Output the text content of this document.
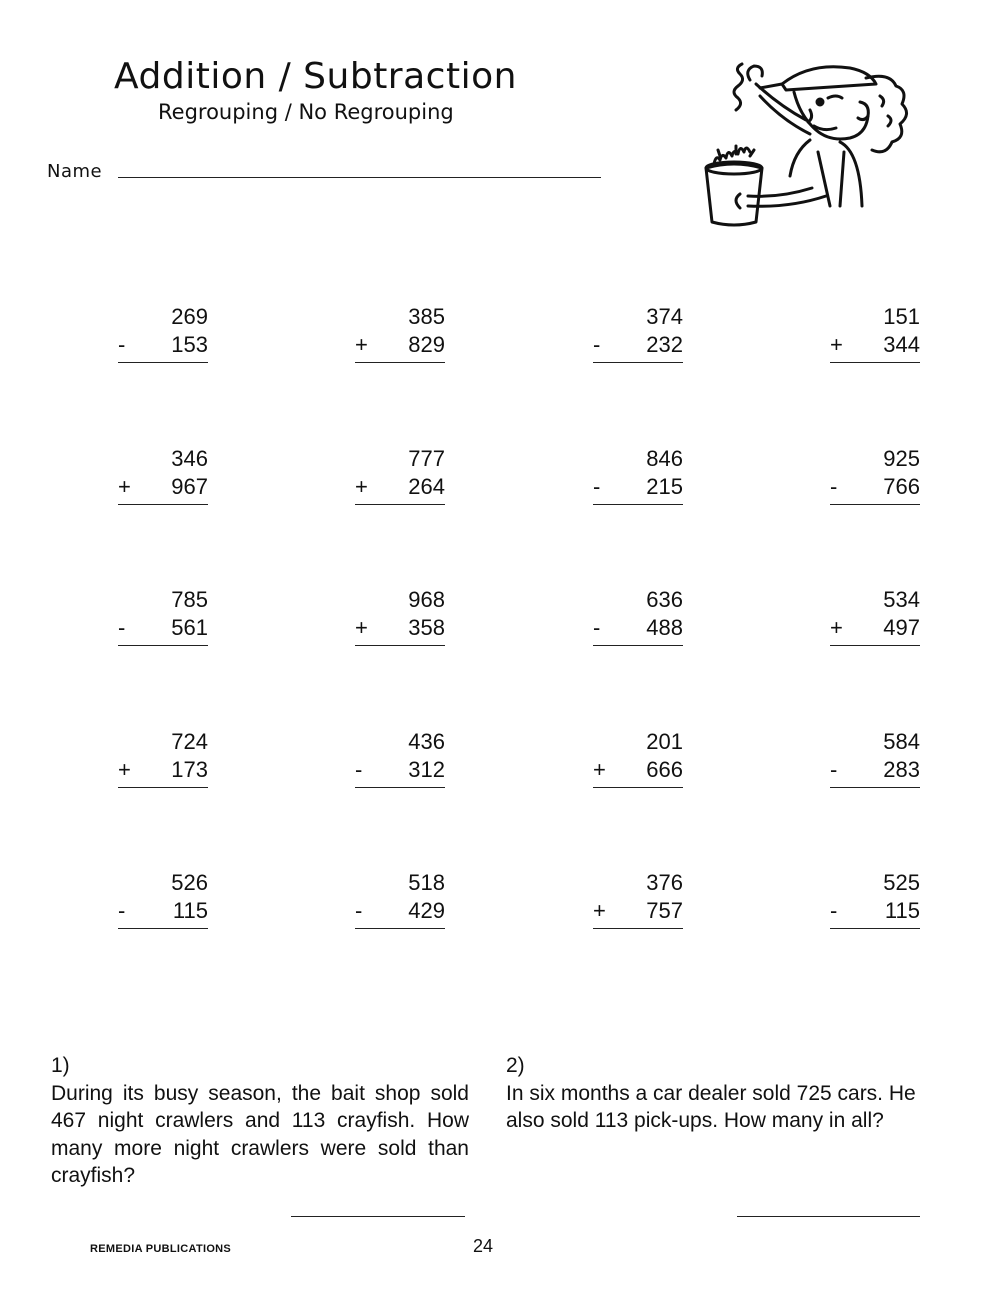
Addition / Subtraction
Regrouping / No Regrouping
Name
269
- 153
385
+ 829
374
- 232
151
+ 344
346
+ 967
777
+ 264
846
- 215
925
- 766
785
- 561
968
+ 358
636
- 488
534
+ 497
724
+ 173
436
- 312
201
+ 666
584
- 283
526
- 115
518
- 429
376
+ 757
525
- 115
1)
During its busy season, the bait shop sold 467 night crawlers and 113 crayfish. How many more night crawlers were sold than crayfish?
2)
In six months a car dealer sold 725 cars. He also sold 113 pick-ups. How many in all?
REMEDIA PUBLICATIONS	24
